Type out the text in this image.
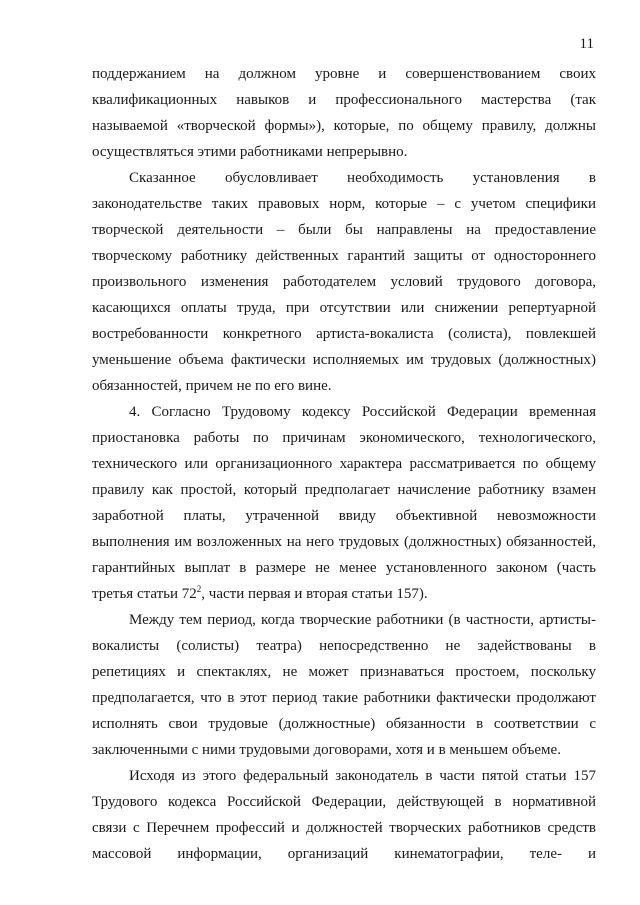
11
поддержанием на должном уровне и совершенствованием своих
квалификационных навыков и профессионального мастерства (так
называемой «творческой формы»), которые, по общему правилу, должны
осуществляться этими работниками непрерывно.
Сказанное обусловливает необходимость установления в
законодательстве таких правовых норм, которые – с учетом специфики
творческой деятельности – были бы направлены на предоставление
творческому работнику действенных гарантий защиты от одностороннего
произвольного изменения работодателем условий трудового договора,
касающихся оплаты труда, при отсутствии или снижении репертуарной
востребованности конкретного артиста-вокалиста (солиста), повлекшей
уменьшение объема фактически исполняемых им трудовых (должностных)
обязанностей, причем не по его вине.
4. Согласно Трудовому кодексу Российской Федерации временная
приостановка работы по причинам экономического, технологического,
технического или организационного характера рассматривается по общему
правилу как простой, который предполагает начисление работнику взамен
заработной платы, утраченной ввиду объективной невозможности
выполнения им возложенных на него трудовых (должностных) обязанностей,
гарантийных выплат в размере не менее установленного законом (часть
третья статьи $72^2$, части первая и вторая статьи 157).
Между тем период, когда творческие работники (в частности, артисты-
вокалисты (солисты) театра) непосредственно не задействованы в
репетициях и спектаклях, не может признаваться простоем, поскольку
предполагается, что в этот период такие работники фактически продолжают
исполнять свои трудовые (должностные) обязанности в соответствии с
заключенными с ними трудовыми договорами, хотя и в меньшем объеме.
Исходя из этого федеральный законодатель в части пятой статьи 157
Трудового кодекса Российской Федерации, действующей в нормативной
связи с Перечнем профессий и должностей творческих работников средств
массовой информации, организаций кинематографии, теле- и
